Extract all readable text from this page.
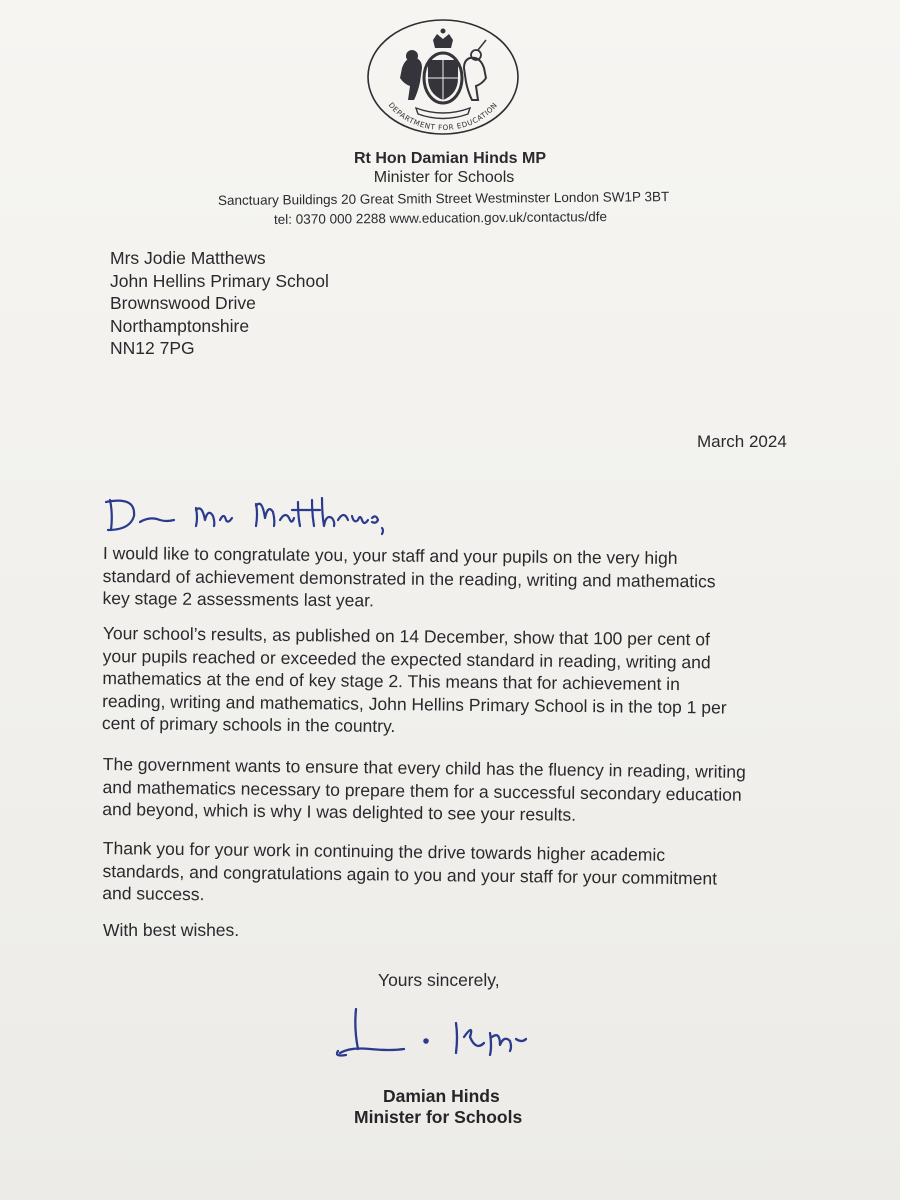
DEPARTMENT FOR EDUCATION
Rt Hon Damian Hinds MP
Minister for Schools
Sanctuary Buildings 20 Great Smith Street Westminster London SW1P 3BT
tel: 0370 000 2288 www.education.gov.uk/contactus/dfe
Mrs Jodie Matthews
John Hellins Primary School
Brownswood Drive
Northamptonshire
NN12 7PG
March 2024
I would like to congratulate you, your staff and your pupils on the very high
standard of achievement demonstrated in the reading, writing and mathematics
key stage 2 assessments last year.
Your school’s results, as published on 14 December, show that 100 per cent of
your pupils reached or exceeded the expected standard in reading, writing and
mathematics at the end of key stage 2. This means that for achievement in
reading, writing and mathematics, John Hellins Primary School is in the top 1 per
cent of primary schools in the country.
The government wants to ensure that every child has the fluency in reading, writing
and mathematics necessary to prepare them for a successful secondary education
and beyond, which is why I was delighted to see your results.
Thank you for your work in continuing the drive towards higher academic
standards, and congratulations again to you and your staff for your commitment
and success.
With best wishes.
Yours sincerely,
Damian Hinds
Minister for Schools
